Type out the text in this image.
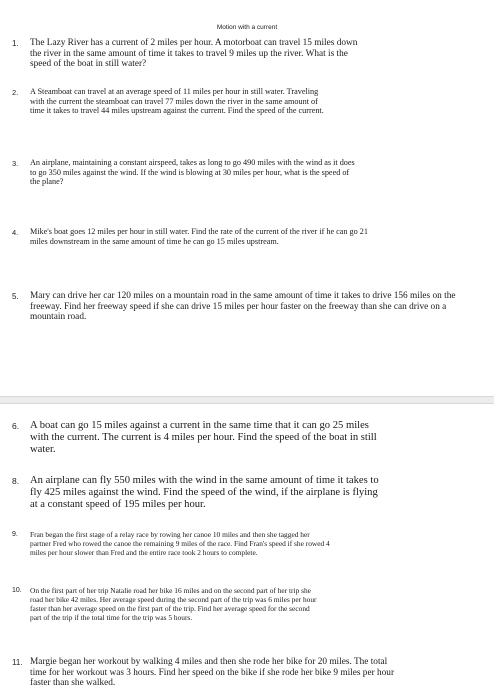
Motion with a current
1.	The Lazy River has a current of 2 miles per hour. A motorboat can travel 15 miles down the river in the same amount of time it takes to travel 9 miles up the river. What is the speed of the boat in still water?
2.	A Steamboat can travel at an average speed of 11 miles per hour in still water. Traveling with the current the steamboat can travel 77 miles down the river in the same amount of time it takes to travel 44 miles upstream against the current. Find the speed of the current.
3.	An airplane, maintaining a constant airspeed, takes as long to go 490 miles with the wind as it does to go 350 miles against the wind. If the wind is blowing at 30 miles per hour, what is the speed of the plane?
4.	Mike's boat goes 12 miles per hour in still water. Find the rate of the current of the river if he can go 21 miles downstream in the same amount of time he can go 15 miles upstream.
5.	Mary can drive her car 120 miles on a mountain road in the same amount of time it takes to drive 156 miles on the freeway. Find her freeway speed if she can drive 15 miles per hour faster on the freeway than she can drive on a mountain road.
6.	A boat can go 15 miles against a current in the same time that it can go 25 miles with the current. The current is 4 miles per hour. Find the speed of the boat in still water.
8.	An airplane can fly 550 miles with the wind in the same amount of time it takes to fly 425 miles against the wind. Find the speed of the wind, if the airplane is flying at a constant speed of 195 miles per hour.
9.	Fran began the first stage of a relay race by rowing her canoe 10 miles and then she tagged her partner Fred who rowed the canoe the remaining 9 miles of the race. Find Fran's speed if she rowed 4 miles per hour slower than Fred and the entire race took 2 hours to complete.
10.	On the first part of her trip Natalie road her bike 16 miles and on the second part of her trip she road her bike 42 miles. Her average speed during the second part of the trip was 6 miles per hour faster than her average speed on the first part of the trip. Find her average speed for the second part of the trip if the total time for the trip was 5 hours.
11. Margie began her workout by walking 4 miles and then she rode her bike for 20 miles. The total time for her workout was 3 hours. Find her speed on the bike if she rode her bike 9 miles per hour faster than she walked.
